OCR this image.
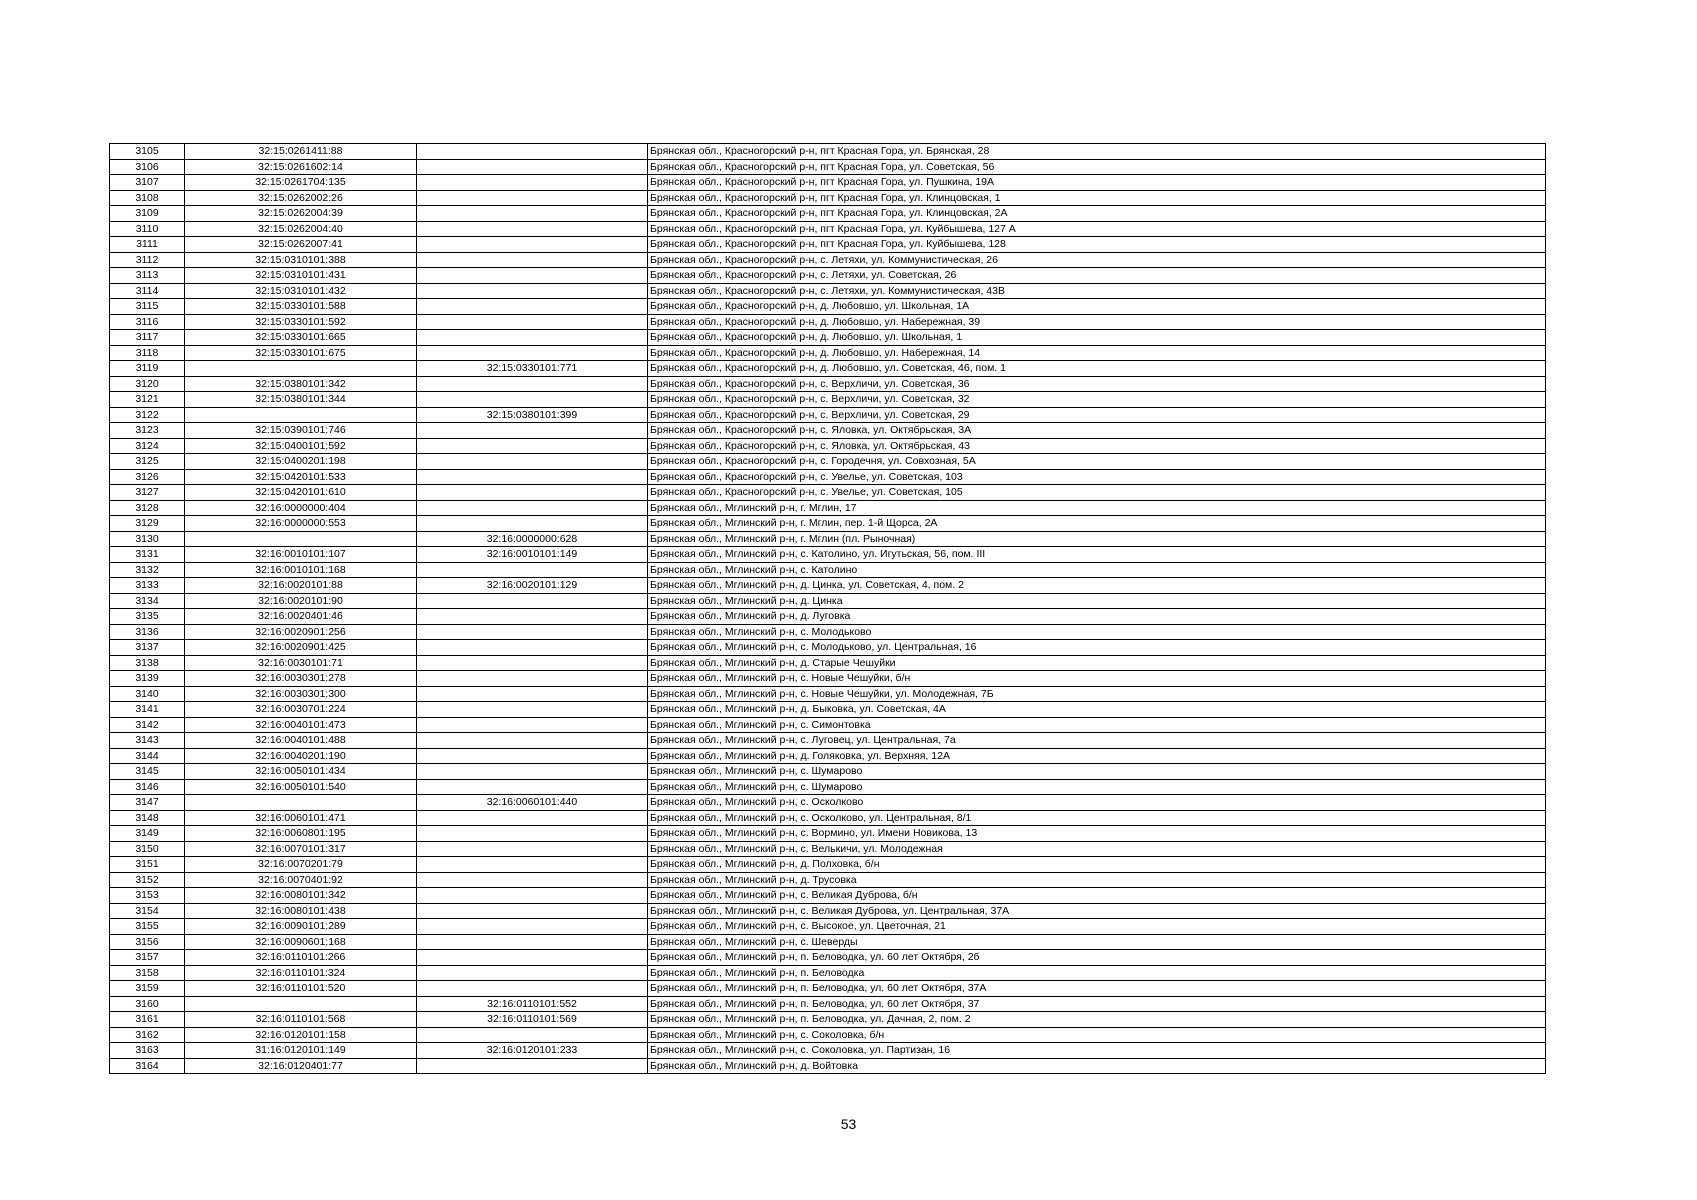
3105	32:15:0261411:88		Брянская обл., Красногорский р-н, пгт Красная Гора, ул. Брянская, 28
3106	32:15:0261602:14		Брянская обл., Красногорский р-н, пгт Красная Гора, ул. Советская, 56
3107	32:15:0261704:135		Брянская обл., Красногорский р-н, пгт Красная Гора, ул. Пушкина, 19А
3108	32:15:0262002:26		Брянская обл., Красногорский р-н, пгт Красная Гора, ул. Клинцовская, 1
3109	32:15:0262004:39		Брянская обл., Красногорский р-н, пгт Красная Гора, ул. Клинцовская, 2А
3110	32:15:0262004:40		Брянская обл., Красногорский р-н, пгт Красная Гора, ул. Куйбышева, 127 А
3111	32:15:0262007:41		Брянская обл., Красногорский р-н, пгт Красная Гора, ул. Куйбышева, 128
3112	32:15:0310101:388		Брянская обл., Красногорский р-н, с. Летяхи, ул. Коммунистическая, 26
3113	32:15:0310101:431		Брянская обл., Красногорский р-н, с. Летяхи, ул. Советская, 26
3114	32:15:0310101:432		Брянская обл., Красногорский р-н, с. Летяхи, ул. Коммунистическая, 43В
3115	32:15:0330101:588		Брянская обл., Красногорский р-н, д. Любовшо, ул. Школьная, 1А
3116	32:15:0330101:592		Брянская обл., Красногорский р-н, д. Любовшо, ул. Набережная, 39
3117	32:15:0330101:665		Брянская обл., Красногорский р-н, д. Любовшо, ул. Школьная, 1
3118	32:15:0330101:675		Брянская обл., Красногорский р-н, д. Любовшо, ул. Набережная, 14
3119		32:15:0330101:771	Брянская обл., Красногорский р-н, д. Любовшо, ул. Советская, 46, пом. 1
3120	32:15:0380101:342		Брянская обл., Красногорский р-н, с. Верхличи, ул. Советская, 36
3121	32:15:0380101:344		Брянская обл., Красногорский р-н, с. Верхличи, ул. Советская, 32
3122		32:15:0380101:399	Брянская обл., Красногорский р-н, с. Верхличи, ул. Советская, 29
3123	32:15:0390101:746		Брянская обл., Красногорский р-н, с. Яловка, ул. Октябрьская, 3А
3124	32:15:0400101:592		Брянская обл., Красногорский р-н, с. Яловка, ул. Октябрьская, 43
3125	32:15:0400201:198		Брянская обл., Красногорский р-н, с. Городечня, ул. Совхозная, 5А
3126	32:15:0420101:533		Брянская обл., Красногорский р-н, с. Увелье, ул. Советская, 103
3127	32:15:0420101:610		Брянская обл., Красногорский р-н, с. Увелье, ул. Советская, 105
3128	32:16:0000000:404		Брянская обл., Мглинский р-н, г. Мглин, 17
3129	32:16:0000000:553		Брянская обл., Мглинский р-н, г. Мглин, пер. 1-й Щорса, 2А
3130		32:16:0000000:628	Брянская обл., Мглинский р-н, г. Мглин (пл. Рыночная)
3131	32:16:0010101:107	32:16:0010101:149	Брянская обл., Мглинский р-н, с. Католино, ул. Игутьская, 56, пом. III
3132	32:16:0010101:168		Брянская обл., Мглинский р-н, с. Католино
3133	32:16:0020101:88	32:16:0020101:129	Брянская обл., Мглинский р-н, д. Цинка, ул. Советская, 4, пом. 2
3134	32:16:0020101:90		Брянская обл., Мглинский р-н, д. Цинка
3135	32:16:0020401:46		Брянская обл., Мглинский р-н, д. Луговка
3136	32:16:0020901:256		Брянская обл., Мглинский р-н, с. Молодьково
3137	32:16:0020901:425		Брянская обл., Мглинский р-н, с. Молодьково, ул. Центральная, 16
3138	32:16:0030101:71		Брянская обл., Мглинский р-н, д. Старые Чешуйки
3139	32:16:0030301:278		Брянская обл., Мглинский р-н, с. Новые Чешуйки, б/н
3140	32:16:0030301:300		Брянская обл., Мглинский р-н, с. Новые Чешуйки, ул. Молодежная, 7Б
3141	32:16:0030701:224		Брянская обл., Мглинский р-н, д. Быковка, ул. Советская, 4А
3142	32:16:0040101:473		Брянская обл., Мглинский р-н, с. Симонтовка
3143	32:16:0040101:488		Брянская обл., Мглинский р-н, с. Луговец, ул. Центральная, 7а
3144	32:16:0040201:190		Брянская обл., Мглинский р-н, д. Голяковка, ул. Верхняя, 12А
3145	32:16:0050101:434		Брянская обл., Мглинский р-н, с. Шумарово
3146	32:16:0050101:540		Брянская обл., Мглинский р-н, с. Шумарово
3147		32:16:0060101:440	Брянская обл., Мглинский р-н, с. Осколково
3148	32:16:0060101:471		Брянская обл., Мглинский р-н, с. Осколково, ул. Центральная, 8/1
3149	32:16:0060801:195		Брянская обл., Мглинский р-н, с. Вормино, ул. Имени Новикова, 13
3150	32:16:0070101:317		Брянская обл., Мглинский р-н, с. Велькичи, ул. Молодежная
3151	32:16:0070201:79		Брянская обл., Мглинский р-н, д. Полховка, б/н
3152	32:16:0070401:92		Брянская обл., Мглинский р-н, д. Трусовка
3153	32:16:0080101:342		Брянская обл., Мглинский р-н, с. Великая Дуброва, б/н
3154	32:16:0080101:438		Брянская обл., Мглинский р-н, с. Великая Дуброва, ул. Центральная, 37А
3155	32:16:0090101:289		Брянская обл., Мглинский р-н, с. Высокое, ул. Цветочная, 21
3156	32:16:0090601:168		Брянская обл., Мглинский р-н, с. Шеверды
3157	32:16:0110101:266		Брянская обл., Мглинский р-н, п. Беловодка, ул. 60 лет Октября, 2б
3158	32:16:0110101:324		Брянская обл., Мглинский р-н, п. Беловодка
3159	32:16:0110101:520		Брянская обл., Мглинский р-н, п. Беловодка, ул. 60 лет Октября, 37А
3160		32:16:0110101:552	Брянская обл., Мглинский р-н, п. Беловодка, ул. 60 лет Октября, 37
3161	32:16:0110101:568	32:16:0110101:569	Брянская обл., Мглинский р-н, п. Беловодка, ул. Дачная, 2, пом. 2
3162	32:16:0120101:158		Брянская обл., Мглинский р-н, с. Соколовка, б/н
3163	31:16:0120101:149	32:16:0120101:233	Брянская обл., Мглинский р-н, с. Соколовка, ул. Партизан, 16
3164	32:16:0120401:77		Брянская обл., Мглинский р-н, д. Войтовка
53
